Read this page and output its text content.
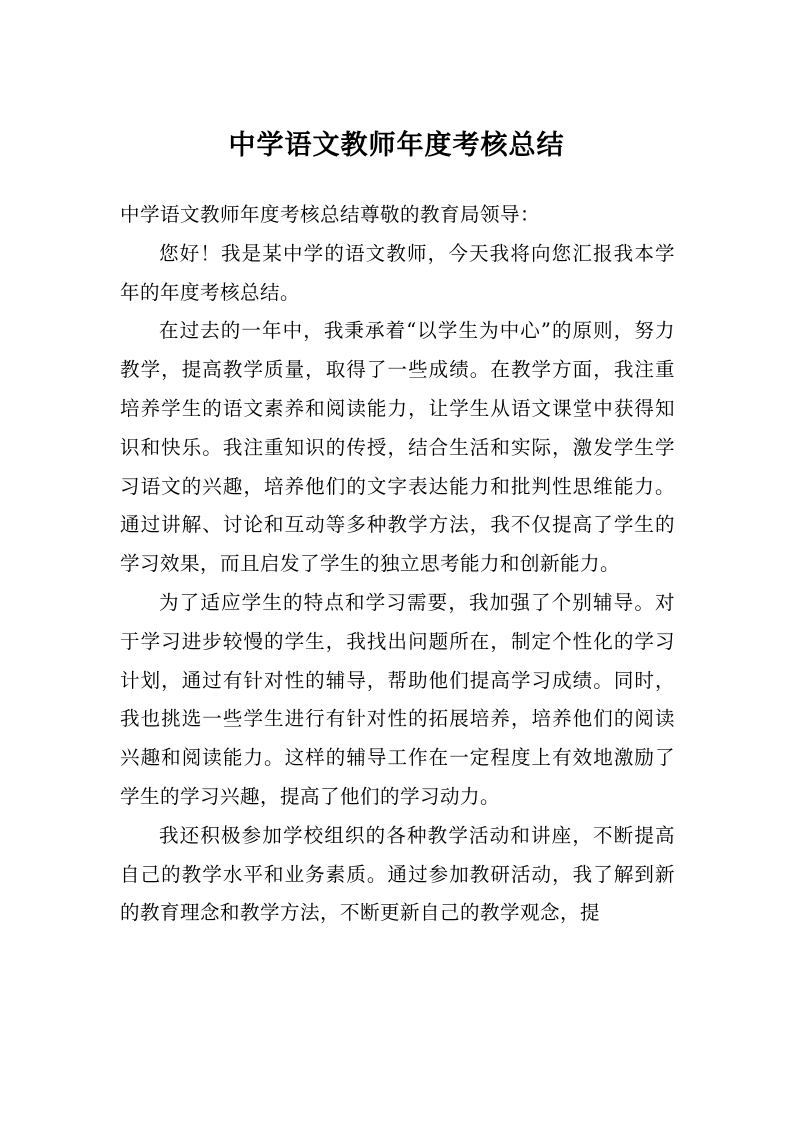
中学语文教师年度考核总结

中学语文教师年度考核总结尊敬的教育局领导：

您好！我是某中学的语文教师，今天我将向您汇报我本学年的年度考核总结。

在过去的一年中，我秉承着“以学生为中心”的原则，努力教学，提高教学质量，取得了一些成绩。在教学方面，我注重培养学生的语文素养和阅读能力，让学生从语文课堂中获得知识和快乐。我注重知识的传授，结合生活和实际，激发学生学习语文的兴趣，培养他们的文字表达能力和批判性思维能力。通过讲解、讨论和互动等多种教学方法，我不仅提高了学生的学习效果，而且启发了学生的独立思考能力和创新能力。

为了适应学生的特点和学习需要，我加强了个别辅导。对于学习进步较慢的学生，我找出问题所在，制定个性化的学习计划，通过有针对性的辅导，帮助他们提高学习成绩。同时，我也挑选一些学生进行有针对性的拓展培养，培养他们的阅读兴趣和阅读能力。这样的辅导工作在一定程度上有效地激励了学生的学习兴趣，提高了他们的学习动力。

我还积极参加学校组织的各种教学活动和讲座，不断提高自己的教学水平和业务素质。通过参加教研活动，我了解到新的教育理念和教学方法，不断更新自己的教学观念，提
